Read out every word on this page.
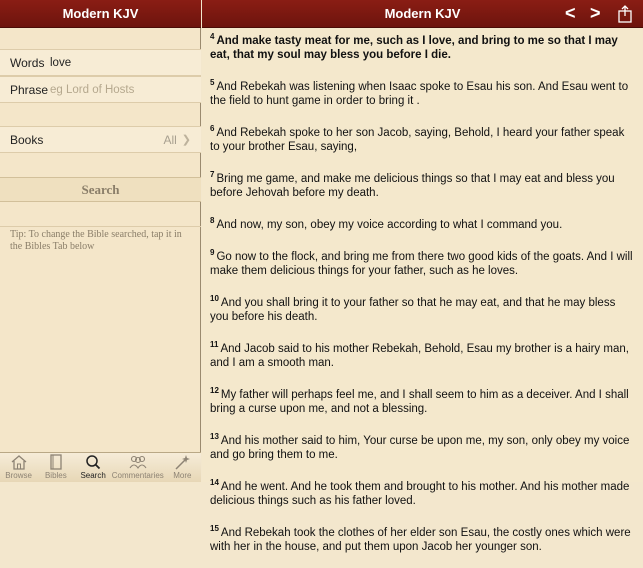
Modern KJV
Words
love
Phrase
eg Lord of Hosts
Books	All ❯
Search
Tip: To change the Bible searched, tap it in the Bibles Tab below
Browse Bibles Search Commentaries More
Modern KJV	< >
$^4$ And make tasty meat for me, such as I love, and bring to me so that I may eat, that my soul may bless you before I die.
$^5$ And Rebekah was listening when Isaac spoke to Esau his son. And Esau went to the field to hunt game in order to bring it .
$^6$ And Rebekah spoke to her son Jacob, saying, Behold, I heard your father speak to your brother Esau, saying,
$^7$ Bring me game, and make me delicious things so that I may eat and bless you before Jehovah before my death.
$^8$ And now, my son, obey my voice according to what I command you.
$^9$ Go now to the flock, and bring me from there two good kids of the goats. And I will make them delicious things for your father, such as he loves.
$^{10}$ And you shall bring it to your father so that he may eat, and that he may bless you before his death.
$^{11}$ And Jacob said to his mother Rebekah, Behold, Esau my brother is a hairy man, and I am a smooth man.
$^{12}$ My father will perhaps feel me, and I shall seem to him as a deceiver. And I shall bring a curse upon me, and not a blessing.
$^{13}$ And his mother said to him, Your curse be upon me, my son, only obey my voice and go bring them to me.
$^{14}$ And he went. And he took them and brought to his mother. And his mother made delicious things such as his father loved.
$^{15}$ And Rebekah took the clothes of her elder son Esau, the costly ones which were with her in the house, and put them upon Jacob her younger son.
